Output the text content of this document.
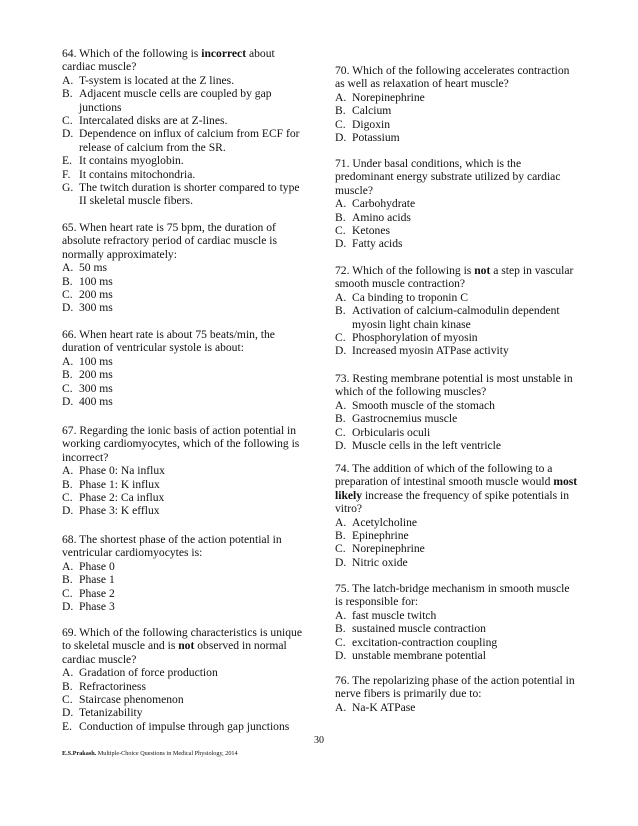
64. Which of the following is incorrect about cardiac muscle?

A. T-system is located at the Z lines.
B. Adjacent muscle cells are coupled by gap junctions
C. Intercalated disks are at Z-lines.
D. Dependence on influx of calcium from ECF for release of calcium from the SR.
E. It contains myoglobin.
F. It contains mitochondria.
G. The twitch duration is shorter compared to type II skeletal muscle fibers.

65. When heart rate is 75 bpm, the duration of absolute refractory period of cardiac muscle is normally approximately:

A. 50 ms
B. 100 ms
C. 200 ms
D. 300 ms

66. When heart rate is about 75 beats/min, the duration of ventricular systole is about:

A. 100 ms
B. 200 ms
C. 300 ms
D. 400 ms

67. Regarding the ionic basis of action potential in working cardiomyocytes, which of the following is incorrect?

A. Phase 0: Na influx
B. Phase 1: K influx
C. Phase 2: Ca influx
D. Phase 3: K efflux

68. The shortest phase of the action potential in ventricular cardiomyocytes is:

A. Phase 0
B. Phase 1
C. Phase 2
D. Phase 3

69. Which of the following characteristics is unique to skeletal muscle and is not observed in normal cardiac muscle?

A. Gradation of force production
B. Refractoriness
C. Staircase phenomenon
D. Tetanizability
E. Conduction of impulse through gap junctions

70. Which of the following accelerates contraction as well as relaxation of heart muscle?

A. Norepinephrine
B. Calcium
C. Digoxin
D. Potassium

71. Under basal conditions, which is the predominant energy substrate utilized by cardiac muscle?

A. Carbohydrate
B. Amino acids
C. Ketones
D. Fatty acids

72. Which of the following is not a step in vascular smooth muscle contraction?

A. Ca binding to troponin C
B. Activation of calcium-calmodulin dependent myosin light chain kinase
C. Phosphorylation of myosin
D. Increased myosin ATPase activity

73. Resting membrane potential is most unstable in which of the following muscles?

A. Smooth muscle of the stomach
B. Gastrocnemius muscle
C. Orbicularis oculi
D. Muscle cells in the left ventricle

74. The addition of which of the following to a preparation of intestinal smooth muscle would most likely increase the frequency of spike potentials in vitro?

A. Acetylcholine
B. Epinephrine
C. Norepinephrine
D. Nitric oxide

75. The latch-bridge mechanism in smooth muscle is responsible for:

A. fast muscle twitch
B. sustained muscle contraction
C. excitation-contraction coupling
D. unstable membrane potential

76. The repolarizing phase of the action potential in nerve fibers is primarily due to:

A. Na-K ATPase
30
E.S.Prakash. Multiple-Choice Questions in Medical Physiology, 2014
